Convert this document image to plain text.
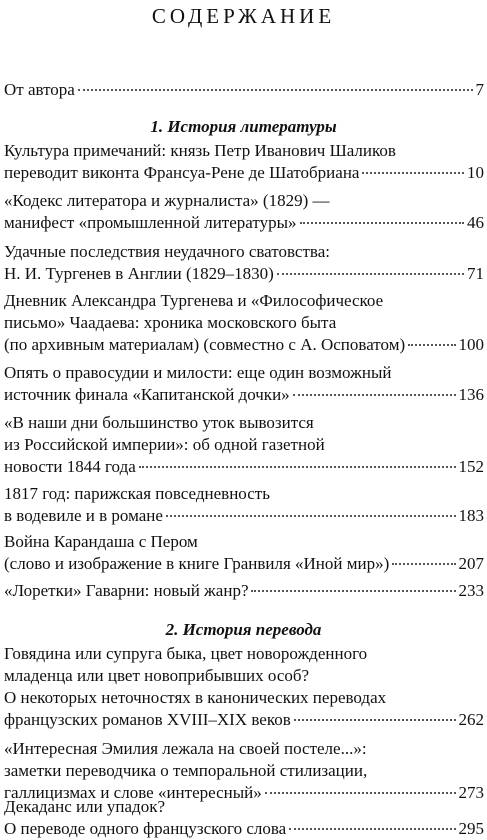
СОДЕРЖАНИЕ
От автора	7
1. История литературы
Культура примечаний: князь Петр Иванович Шаликов
переводит виконта Франсуа-Рене де Шатобриана	10
«Кодекс литератора и журналиста» (1829) —
манифест «промышленной литературы»	46
Удачные последствия неудачного сватовства:
Н. И. Тургенев в Англии (1829–1830)	71
Дневник Александра Тургенева и «Философическое
письмо» Чаадаева: хроника московского быта
(по архивным материалам) (совместно с А. Осповатом)	100
Опять о правосудии и милости: еще один возможный
источник финала «Капитанской дочки»	136
«В наши дни большинство уток вывозится
из Российской империи»: об одной газетной
новости 1844 года	152
1817 год: парижская повседневность
в водевиле и в романе	183
Война Карандаша с Пером
(слово и изображение в книге Гранвиля «Иной мир»)	207
«Лоретки» Гаварни: новый жанр?	233
2. История перевода
Говядина или супруга быка, цвет новорожденного
младенца или цвет новоприбывших особ?
О некоторых неточностях в канонических переводах
французских романов XVIII–XIX веков	262
«Интересная Эмилия лежала на своей постеле...»:
заметки переводчика о темпоральной стилизации,
галлицизмах и слове «интересный»	273
Декаданс или упадок?
О переводе одного французского слова	295
